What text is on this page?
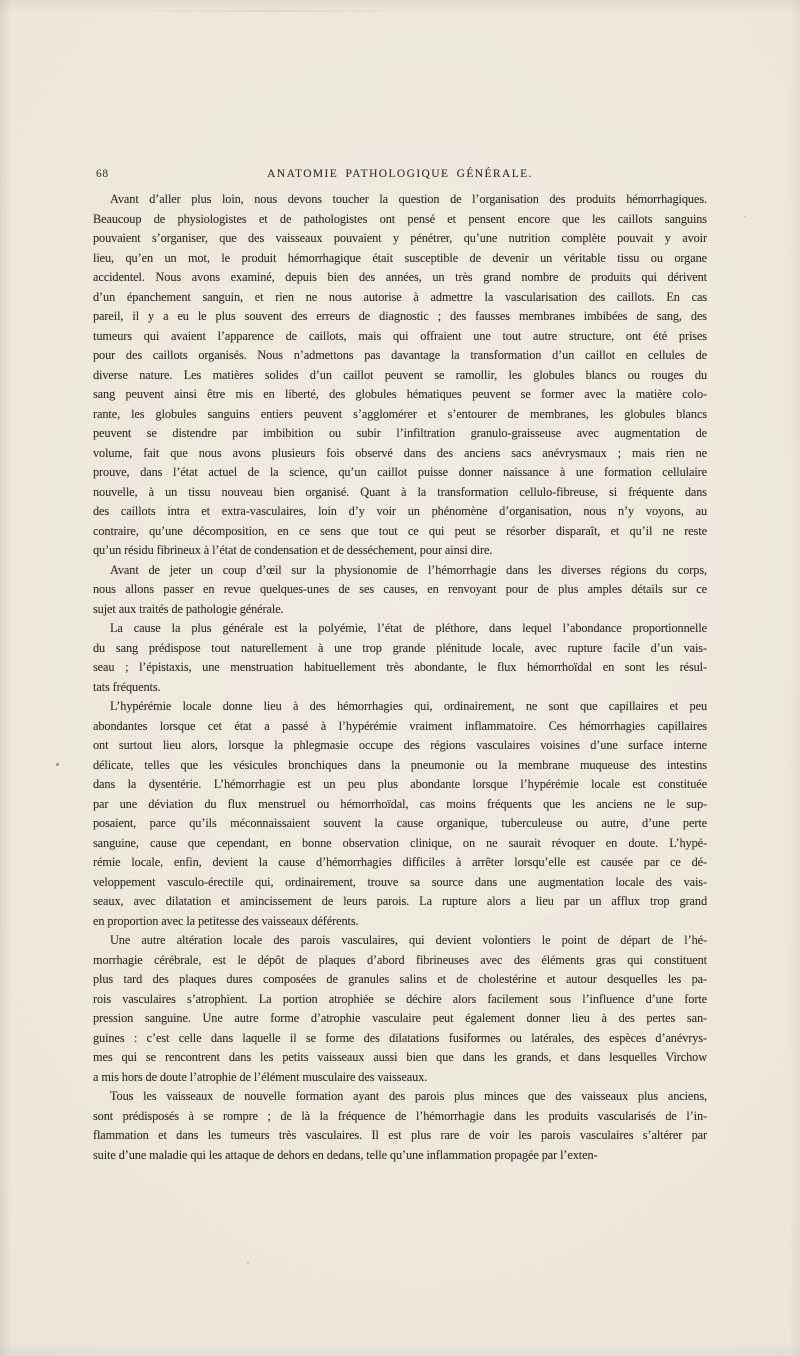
68	ANATOMIE PATHOLOGIQUE GÉNÉRALE.
Avant d’aller plus loin, nous devons toucher la question de l’organisation des produits hémorrhagiques.
Beaucoup de physiologistes et de pathologistes ont pensé et pensent encore que les caillots sanguins
pouvaient s’organiser, que des vaisseaux pouvaient y pénétrer, qu’une nutrition complète pouvait y avoir
lieu, qu’en un mot, le produit hémorrhagique était susceptible de devenir un véritable tissu ou organe
accidentel. Nous avons examiné, depuis bien des années, un très grand nombre de produits qui dérivent
d’un épanchement sanguin, et rien ne nous autorise à admettre la vascularisation des caillots. En cas
pareil, il y a eu le plus souvent des erreurs de diagnostic ; des fausses membranes imbibées de sang, des
tumeurs qui avaient l’apparence de caillots, mais qui offraient une tout autre structure, ont été prises
pour des caillots organisés. Nous n’admettons pas davantage la transformation d’un caillot en cellules de
diverse nature. Les matières solides d’un caillot peuvent se ramollir, les globules blancs ou rouges du
sang peuvent ainsi être mis en liberté, des globules hématiques peuvent se former avec la matière colo-
rante, les globules sanguins entiers peuvent s’agglomérer et s’entourer de membranes, les globules blancs
peuvent se distendre par imbibition ou subir l’infiltration granulo-graisseuse avec augmentation de
volume, fait que nous avons plusieurs fois observé dans des anciens sacs anévrysmaux ; mais rien ne
prouve, dans l’état actuel de la science, qu’un caillot puisse donner naissance à une formation cellulaire
nouvelle, à un tissu nouveau bien organisé. Quant à la transformation cellulo-fibreuse, si fréquente dans
des caillots intra et extra-vasculaires, loin d’y voir un phénomène d’organisation, nous n’y voyons, au
contraire, qu’une décomposition, en ce sens que tout ce qui peut se résorber disparaît, et qu’il ne reste
qu’un résidu fibrineux à l’état de condensation et de desséchement, pour ainsi dire.
Avant de jeter un coup d’œil sur la physionomie de l’hémorrhagie dans les diverses régions du corps,
nous allons passer en revue quelques-unes de ses causes, en renvoyant pour de plus amples détails sur ce
sujet aux traités de pathologie générale.
La cause la plus générale est la polyémie, l’état de pléthore, dans lequel l’abondance proportionnelle
du sang prédispose tout naturellement à une trop grande plénitude locale, avec rupture facile d’un vais-
seau ; l’épistaxis, une menstruation habituellement très abondante, le flux hémorrhoïdal en sont les résul-
tats fréquents.
L’hypérémie locale donne lieu à des hémorrhagies qui, ordinairement, ne sont que capillaires et peu
abondantes lorsque cet état a passé à l’hypérémie vraiment inflammatoire. Ces hémorrhagies capillaires
ont surtout lieu alors, lorsque la phlegmasie occupe des régions vasculaires voisines d’une surface interne
délicate, telles que les vésicules bronchiques dans la pneumonie ou la membrane muqueuse des intestins
dans la dysentérie. L’hémorrhagie est un peu plus abondante lorsque l’hypérémie locale est constituée
par une déviation du flux menstruel ou hémorrhoïdal, cas moins fréquents que les anciens ne le sup-
posaient, parce qu’ils méconnaissaient souvent la cause organique, tuberculeuse ou autre, d’une perte
sanguine, cause que cependant, en bonne observation clinique, on ne saurait révoquer en doute. L’hypé-
rémie locale, enfin, devient la cause d’hémorrhagies difficiles à arrêter lorsqu’elle est causée par ce dé-
veloppement vasculo-érectile qui, ordinairement, trouve sa source dans une augmentation locale des vais-
seaux, avec dilatation et amincissement de leurs parois. La rupture alors a lieu par un afflux trop grand
en proportion avec la petitesse des vaisseaux déférents.
Une autre altération locale des parois vasculaires, qui devient volontiers le point de départ de l’hé-
morrhagie cérébrale, est le dépôt de plaques d’abord fibrineuses avec des éléments gras qui constituent
plus tard des plaques dures composées de granules salins et de cholestérine et autour desquelles les pa-
rois vasculaires s’atrophient. La portion atrophiée se déchire alors facilement sous l’influence d’une forte
pression sanguine. Une autre forme d’atrophie vasculaire peut également donner lieu à des pertes san-
guines : c’est celle dans laquelle il se forme des dilatations fusiformes ou latérales, des espèces d’anévrys-
mes qui se rencontrent dans les petits vaisseaux aussi bien que dans les grands, et dans lesquelles Virchow
a mis hors de doute l’atrophie de l’élément musculaire des vaisseaux.
Tous les vaisseaux de nouvelle formation ayant des parois plus minces que des vaisseaux plus anciens,
sont prédisposés à se rompre ; de là la fréquence de l’hémorrhagie dans les produits vascularisés de l’in-
flammation et dans les tumeurs très vasculaires. Il est plus rare de voir les parois vasculaires s’altérer par
suite d’une maladie qui les attaque de dehors en dedans, telle qu’une inflammation propagée par l’exten-
